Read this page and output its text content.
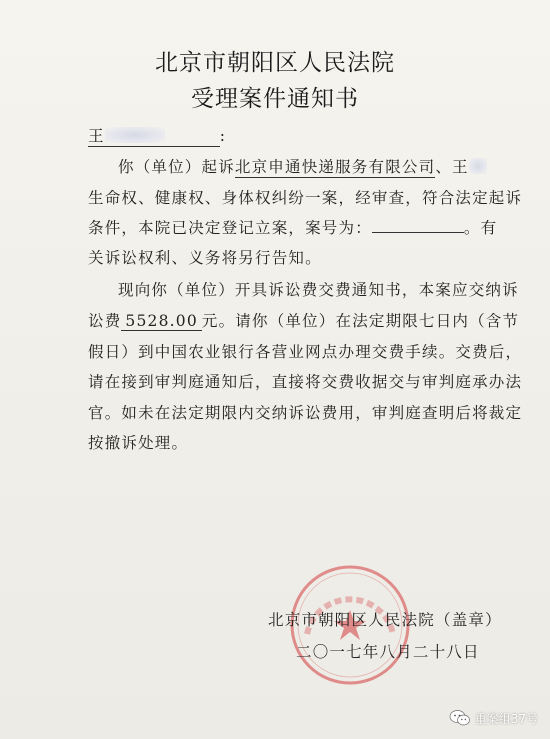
北京市朝阳区人民法院
受理案件通知书
王	:
你（单位）起诉北京申通快递服务有限公司、王
生命权、健康权、身体权纠纷一案，经审查，符合法定起诉
条件，本院已决定登记立案，案号为：	。有
关诉讼权利、义务将另行告知。
现向你（单位）开具诉讼费交费通知书，本案应交纳诉
讼费 5528.00 元。请你（单位）在法定期限七日内（含节
假日）到中国农业银行各营业网点办理交费手续。交费后，
请在接到审判庭通知后，直接将交费收据交与审判庭承办法
官。如未在法定期限内交纳诉讼费用，审判庭查明后将裁定
按撤诉处理。
北京市朝阳区人民法院（盖章）
二〇一七年八月二十八日
重案组37号
